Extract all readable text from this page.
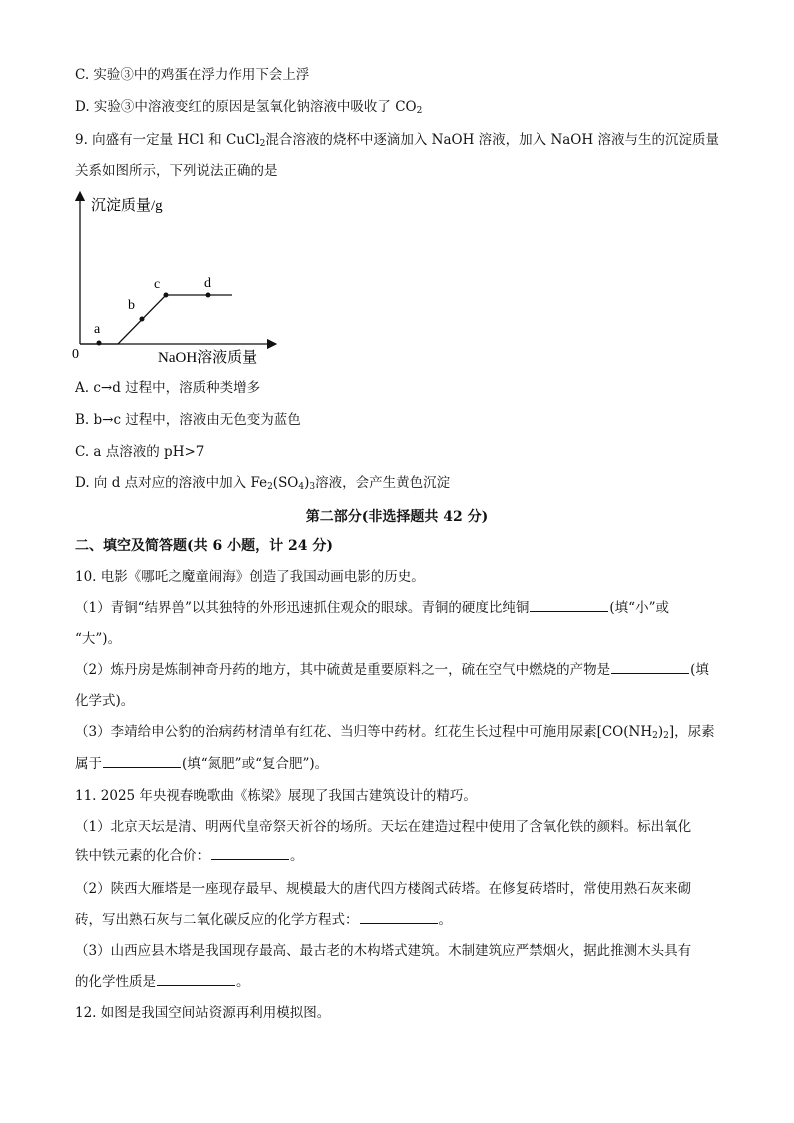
C. 实验③中的鸡蛋在浮力作用下会上浮
D. 实验③中溶液变红的原因是氢氧化钠溶液中吸收了 $CO_2$
9. 向盛有一定量 HCl 和 CuCl$_2$混合溶液的烧杯中逐滴加入 NaOH 溶液，加入 NaOH 溶液与生的沉淀质量
关系如图所示，下列说法正确的是
沉淀质量/g
NaOH溶液质量
0
a
b
c	d
A. c→d 过程中，溶质种类增多
B. b→c 过程中，溶液由无色变为蓝色
C. a 点溶液的 pH>7
D. 向 d 点对应的溶液中加入 $Fe_2(SO_4)_3$溶液，会产生黄色沉淀
第二部分(非选择题共 42 分)
二、填空及简答题(共 6 小题，计 24 分)
10. 电影《哪吒之魔童闹海》创造了我国动画电影的历史。
（1）青铜“结界兽”以其独特的外形迅速抓住观众的眼球。青铜的硬度比纯铜	(填“小”或
“大”)。
（2）炼丹房是炼制神奇丹药的地方，其中硫黄是重要原料之一，硫在空气中燃烧的产物是	(填
化学式)。
（3）李靖给申公豹的治病药材清单有红花、当归等中药材。红花生长过程中可施用尿素$[CO(NH_2)_2]$，尿素
属于	(填“氮肥”或“复合肥”)。
11. 2025 年央视春晚歌曲《栋梁》展现了我国古建筑设计的精巧。
（1）北京天坛是清、明两代皇帝祭天祈谷的场所。天坛在建造过程中使用了含氧化铁的颜料。标出氧化
铁中铁元素的化合价：	。
（2）陕西大雁塔是一座现存最早、规模最大的唐代四方楼阁式砖塔。在修复砖塔时，常使用熟石灰来砌
砖，写出熟石灰与二氧化碳反应的化学方程式：	。
（3）山西应县木塔是我国现存最高、最古老的木构塔式建筑。木制建筑应严禁烟火，据此推测木头具有
的化学性质是	。
12. 如图是我国空间站资源再利用模拟图。
